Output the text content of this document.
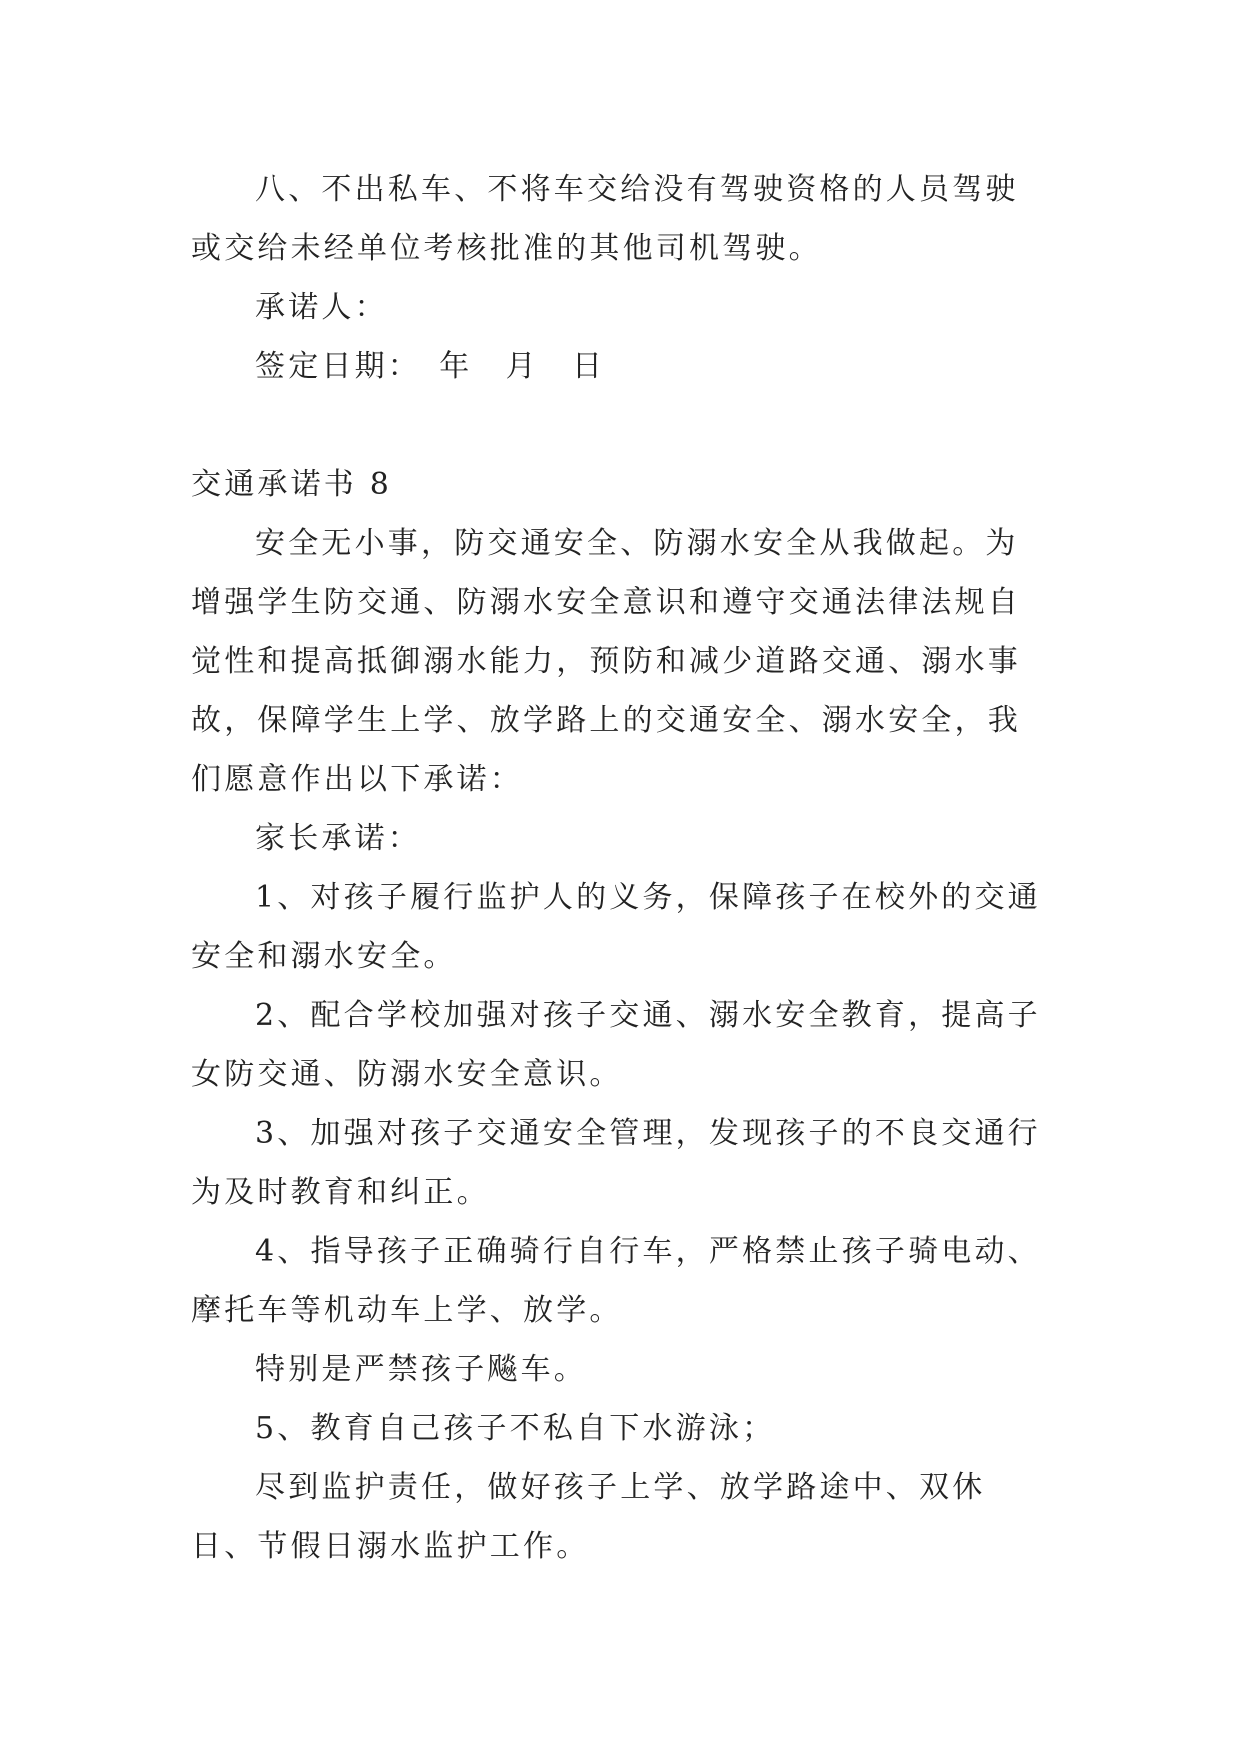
八、不出私车、不将车交给没有驾驶资格的人员驾驶或交给未经单位考核批准的其他司机驾驶。

承诺人：

签定日期：　年　月　日

交通承诺书 8

安全无小事，防交通安全、防溺水安全从我做起。为增强学生防交通、防溺水安全意识和遵守交通法律法规自觉性和提高抵御溺水能力，预防和减少道路交通、溺水事故，保障学生上学、放学路上的交通安全、溺水安全，我们愿意作出以下承诺：

家长承诺：

1、对孩子履行监护人的义务，保障孩子在校外的交通安全和溺水安全。

2、配合学校加强对孩子交通、溺水安全教育，提高子女防交通、防溺水安全意识。

3、加强对孩子交通安全管理，发现孩子的不良交通行为及时教育和纠正。

4、指导孩子正确骑行自行车，严格禁止孩子骑电动、摩托车等机动车上学、放学。

特别是严禁孩子飚车。

5、教育自己孩子不私自下水游泳；

尽到监护责任，做好孩子上学、放学路途中、双休日、节假日溺水监护工作。
